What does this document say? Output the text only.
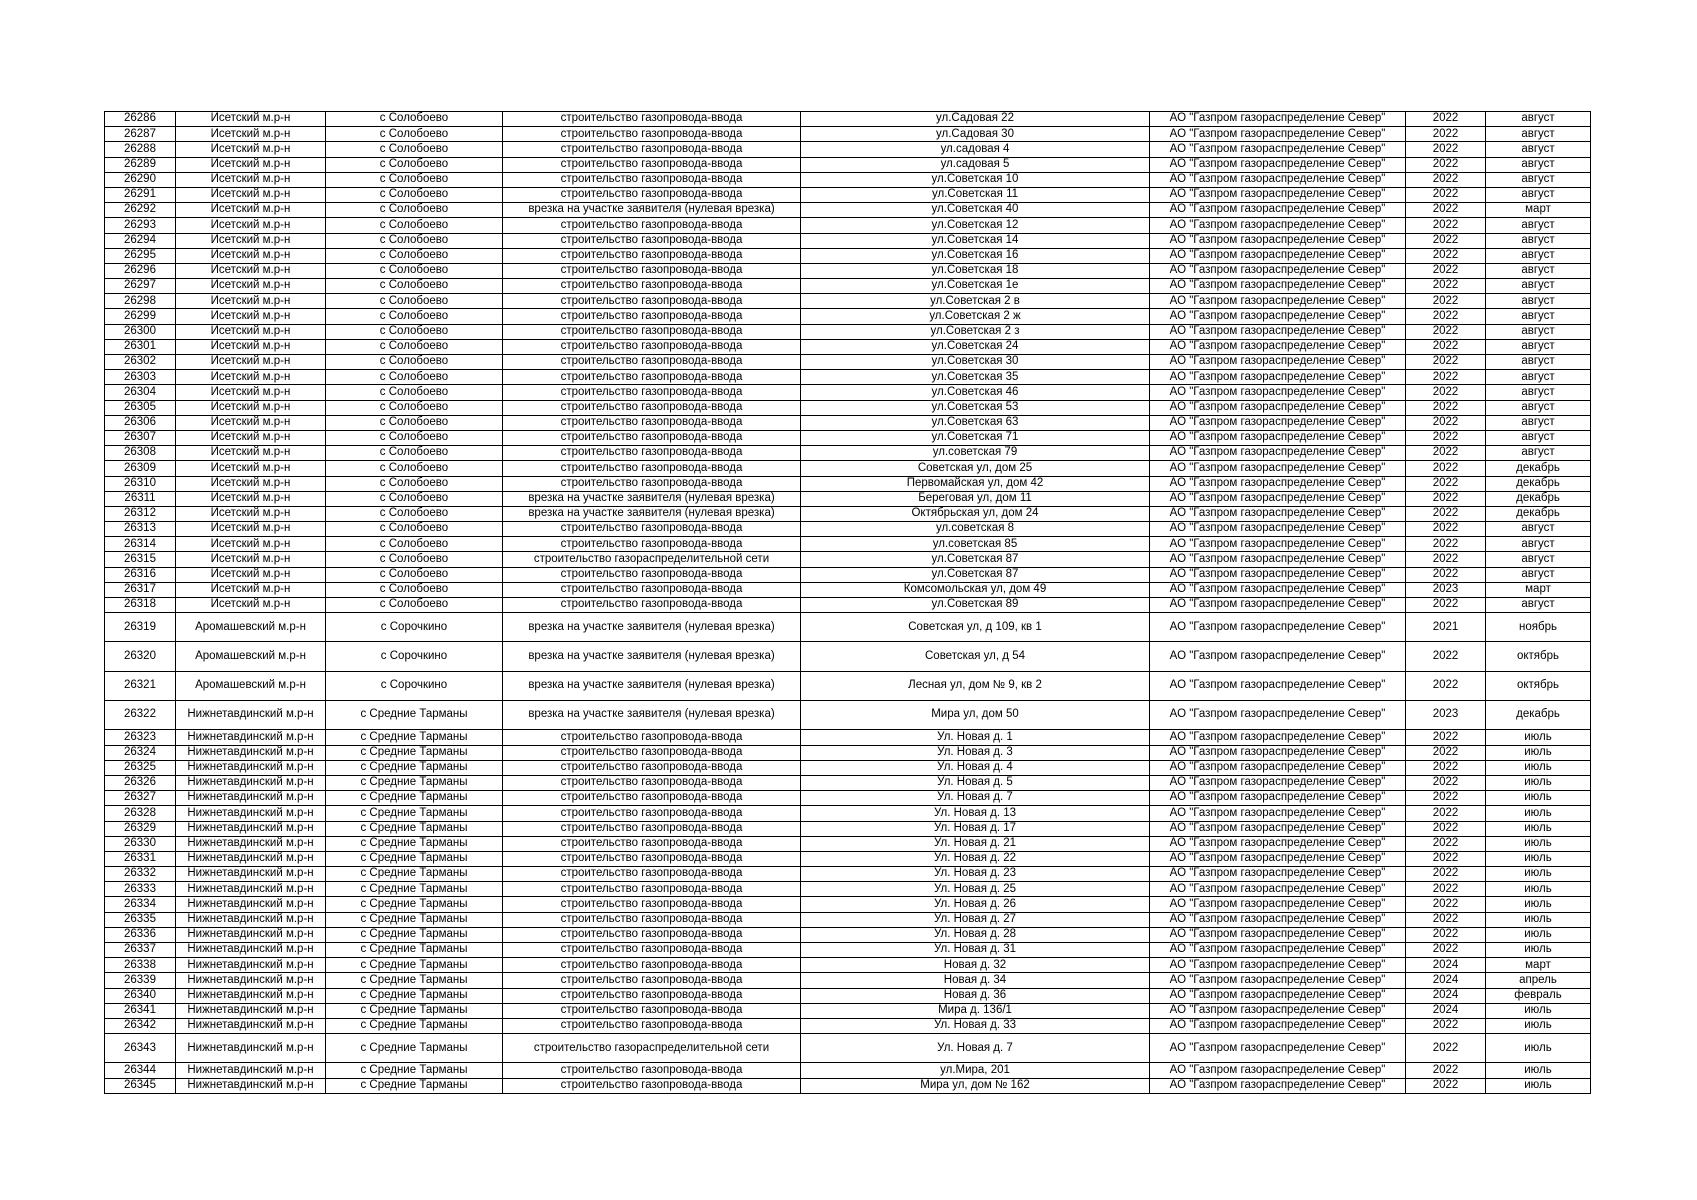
26286	Исетский м.р-н	с Солобоево	строительство газопровода-ввода	ул.Садовая 22	АО "Газпром газораспределение Север"	2022	август
26287	Исетский м.р-н	с Солобоево	строительство газопровода-ввода	ул.Садовая 30	АО "Газпром газораспределение Север"	2022	август
26288	Исетский м.р-н	с Солобоево	строительство газопровода-ввода	ул.садовая 4	АО "Газпром газораспределение Север"	2022	август
26289	Исетский м.р-н	с Солобоево	строительство газопровода-ввода	ул.садовая 5	АО "Газпром газораспределение Север"	2022	август
26290	Исетский м.р-н	с Солобоево	строительство газопровода-ввода	ул.Советская 10	АО "Газпром газораспределение Север"	2022	август
26291	Исетский м.р-н	с Солобоево	строительство газопровода-ввода	ул.Советская 11	АО "Газпром газораспределение Север"	2022	август
26292	Исетский м.р-н	с Солобоево	врезка на участке заявителя (нулевая врезка)	ул.Советская 40	АО "Газпром газораспределение Север"	2022	март
26293	Исетский м.р-н	с Солобоево	строительство газопровода-ввода	ул.Советская 12	АО "Газпром газораспределение Север"	2022	август
26294	Исетский м.р-н	с Солобоево	строительство газопровода-ввода	ул.Советская 14	АО "Газпром газораспределение Север"	2022	август
26295	Исетский м.р-н	с Солобоево	строительство газопровода-ввода	ул.Советская 16	АО "Газпром газораспределение Север"	2022	август
26296	Исетский м.р-н	с Солобоево	строительство газопровода-ввода	ул.Советская 18	АО "Газпром газораспределение Север"	2022	август
26297	Исетский м.р-н	с Солобоево	строительство газопровода-ввода	ул.Советская 1е	АО "Газпром газораспределение Север"	2022	август
26298	Исетский м.р-н	с Солобоево	строительство газопровода-ввода	ул.Советская 2 в	АО "Газпром газораспределение Север"	2022	август
26299	Исетский м.р-н	с Солобоево	строительство газопровода-ввода	ул.Советская 2 ж	АО "Газпром газораспределение Север"	2022	август
26300	Исетский м.р-н	с Солобоево	строительство газопровода-ввода	ул.Советская 2 з	АО "Газпром газораспределение Север"	2022	август
26301	Исетский м.р-н	с Солобоево	строительство газопровода-ввода	ул.Советская 24	АО "Газпром газораспределение Север"	2022	август
26302	Исетский м.р-н	с Солобоево	строительство газопровода-ввода	ул.Советская 30	АО "Газпром газораспределение Север"	2022	август
26303	Исетский м.р-н	с Солобоево	строительство газопровода-ввода	ул.Советская 35	АО "Газпром газораспределение Север"	2022	август
26304	Исетский м.р-н	с Солобоево	строительство газопровода-ввода	ул.Советская 46	АО "Газпром газораспределение Север"	2022	август
26305	Исетский м.р-н	с Солобоево	строительство газопровода-ввода	ул.Советская 53	АО "Газпром газораспределение Север"	2022	август
26306	Исетский м.р-н	с Солобоево	строительство газопровода-ввода	ул.Советская 63	АО "Газпром газораспределение Север"	2022	август
26307	Исетский м.р-н	с Солобоево	строительство газопровода-ввода	ул.Советская 71	АО "Газпром газораспределение Север"	2022	август
26308	Исетский м.р-н	с Солобоево	строительство газопровода-ввода	ул.советская 79	АО "Газпром газораспределение Север"	2022	август
26309	Исетский м.р-н	с Солобоево	строительство газопровода-ввода	Советская ул, дом 25	АО "Газпром газораспределение Север"	2022	декабрь
26310	Исетский м.р-н	с Солобоево	строительство газопровода-ввода	Первомайская ул, дом 42	АО "Газпром газораспределение Север"	2022	декабрь
26311	Исетский м.р-н	с Солобоево	врезка на участке заявителя (нулевая врезка)	Береговая ул, дом 11	АО "Газпром газораспределение Север"	2022	декабрь
26312	Исетский м.р-н	с Солобоево	врезка на участке заявителя (нулевая врезка)	Октябрьская ул, дом 24	АО "Газпром газораспределение Север"	2022	декабрь
26313	Исетский м.р-н	с Солобоево	строительство газопровода-ввода	ул.советская 8	АО "Газпром газораспределение Север"	2022	август
26314	Исетский м.р-н	с Солобоево	строительство газопровода-ввода	ул.советская 85	АО "Газпром газораспределение Север"	2022	август
26315	Исетский м.р-н	с Солобоево	строительство газораспределительной сети	ул.Советская 87	АО "Газпром газораспределение Север"	2022	август
26316	Исетский м.р-н	с Солобоево	строительство газопровода-ввода	ул.Советская 87	АО "Газпром газораспределение Север"	2022	август
26317	Исетский м.р-н	с Солобоево	строительство газопровода-ввода	Комсомольская ул, дом 49	АО "Газпром газораспределение Север"	2023	март
26318	Исетский м.р-н	с Солобоево	строительство газопровода-ввода	ул.Советская 89	АО "Газпром газораспределение Север"	2022	август
26319	Аромашевский м.р-н	с Сорочкино	врезка на участке заявителя (нулевая врезка)	Советская ул, д 109, кв 1	АО "Газпром газораспределение Север"	2021	ноябрь
26320	Аромашевский м.р-н	с Сорочкино	врезка на участке заявителя (нулевая врезка)	Советская ул, д 54	АО "Газпром газораспределение Север"	2022	октябрь
26321	Аромашевский м.р-н	с Сорочкино	врезка на участке заявителя (нулевая врезка)	Лесная ул, дом № 9, кв 2	АО "Газпром газораспределение Север"	2022	октябрь
26322	Нижнетавдинский м.р-н	с Средние Тарманы	врезка на участке заявителя (нулевая врезка)	Мира ул, дом 50	АО "Газпром газораспределение Север"	2023	декабрь
26323	Нижнетавдинский м.р-н	с Средние Тарманы	строительство газопровода-ввода	Ул. Новая д. 1	АО "Газпром газораспределение Север"	2022	июль
26324	Нижнетавдинский м.р-н	с Средние Тарманы	строительство газопровода-ввода	Ул. Новая д. 3	АО "Газпром газораспределение Север"	2022	июль
26325	Нижнетавдинский м.р-н	с Средние Тарманы	строительство газопровода-ввода	Ул. Новая д. 4	АО "Газпром газораспределение Север"	2022	июль
26326	Нижнетавдинский м.р-н	с Средние Тарманы	строительство газопровода-ввода	Ул. Новая д. 5	АО "Газпром газораспределение Север"	2022	июль
26327	Нижнетавдинский м.р-н	с Средние Тарманы	строительство газопровода-ввода	Ул. Новая д. 7	АО "Газпром газораспределение Север"	2022	июль
26328	Нижнетавдинский м.р-н	с Средние Тарманы	строительство газопровода-ввода	Ул. Новая д. 13	АО "Газпром газораспределение Север"	2022	июль
26329	Нижнетавдинский м.р-н	с Средние Тарманы	строительство газопровода-ввода	Ул. Новая д. 17	АО "Газпром газораспределение Север"	2022	июль
26330	Нижнетавдинский м.р-н	с Средние Тарманы	строительство газопровода-ввода	Ул. Новая д. 21	АО "Газпром газораспределение Север"	2022	июль
26331	Нижнетавдинский м.р-н	с Средние Тарманы	строительство газопровода-ввода	Ул. Новая д. 22	АО "Газпром газораспределение Север"	2022	июль
26332	Нижнетавдинский м.р-н	с Средние Тарманы	строительство газопровода-ввода	Ул. Новая д. 23	АО "Газпром газораспределение Север"	2022	июль
26333	Нижнетавдинский м.р-н	с Средние Тарманы	строительство газопровода-ввода	Ул. Новая д. 25	АО "Газпром газораспределение Север"	2022	июль
26334	Нижнетавдинский м.р-н	с Средние Тарманы	строительство газопровода-ввода	Ул. Новая д. 26	АО "Газпром газораспределение Север"	2022	июль
26335	Нижнетавдинский м.р-н	с Средние Тарманы	строительство газопровода-ввода	Ул. Новая д. 27	АО "Газпром газораспределение Север"	2022	июль
26336	Нижнетавдинский м.р-н	с Средние Тарманы	строительство газопровода-ввода	Ул. Новая д. 28	АО "Газпром газораспределение Север"	2022	июль
26337	Нижнетавдинский м.р-н	с Средние Тарманы	строительство газопровода-ввода	Ул. Новая д. 31	АО "Газпром газораспределение Север"	2022	июль
26338	Нижнетавдинский м.р-н	с Средние Тарманы	строительство газопровода-ввода	Новая д. 32	АО "Газпром газораспределение Север"	2024	март
26339	Нижнетавдинский м.р-н	с Средние Тарманы	строительство газопровода-ввода	Новая д. 34	АО "Газпром газораспределение Север"	2024	апрель
26340	Нижнетавдинский м.р-н	с Средние Тарманы	строительство газопровода-ввода	Новая д. 36	АО "Газпром газораспределение Север"	2024	февраль
26341	Нижнетавдинский м.р-н	с Средние Тарманы	строительство газопровода-ввода	Мира д. 136/1	АО "Газпром газораспределение Север"	2024	июль
26342	Нижнетавдинский м.р-н	с Средние Тарманы	строительство газопровода-ввода	Ул. Новая д. 33	АО "Газпром газораспределение Север"	2022	июль
26343	Нижнетавдинский м.р-н	с Средние Тарманы	строительство газораспределительной сети	Ул. Новая д. 7	АО "Газпром газораспределение Север"	2022	июль
26344	Нижнетавдинский м.р-н	с Средние Тарманы	строительство газопровода-ввода	ул.Мира, 201	АО "Газпром газораспределение Север"	2022	июль
26345	Нижнетавдинский м.р-н	с Средние Тарманы	строительство газопровода-ввода	Мира ул, дом № 162	АО "Газпром газораспределение Север"	2022	июль
